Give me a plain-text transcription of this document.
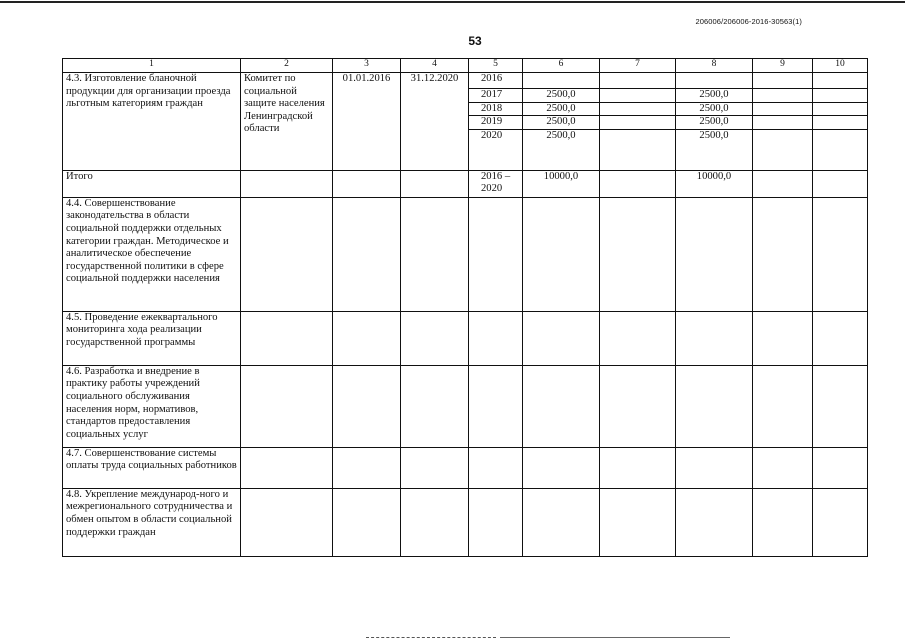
206006/206006-2016-30563(1)
53
1	2	3	4	5	6	7	8	9	10
4.3. Изготовление бланочной продукции для организации проезда льготным категориям граждан	Комитет по социальной защите населения Ленинградской области	01.01.2016	31.12.2020	2016					
				2017	2500,0		2500,0		
				2018	2500,0		2500,0		
				2019	2500,0		2500,0		
				2020	2500,0		2500,0		
Итого				2016 – 2020	10000,0		10000,0		
4.4. Совершенствование законодательства в области социальной поддержки отдельных категории граждан. Методическое и аналитическое обеспечение государственной политики в сфере социальной поддержки населения									
4.5. Проведение ежеквартального мониторинга хода реализации государственной программы									
4.6. Разработка и внедрение в практику работы учреждений социального обслуживания населения норм, нормативов, стандартов предоставления социальных услуг									
4.7. Совершенствование системы оплаты труда социальных работников									
4.8. Укрепление международ-ного и межрегионального сотрудничества и обмен опытом в области социальной поддержки граждан									
